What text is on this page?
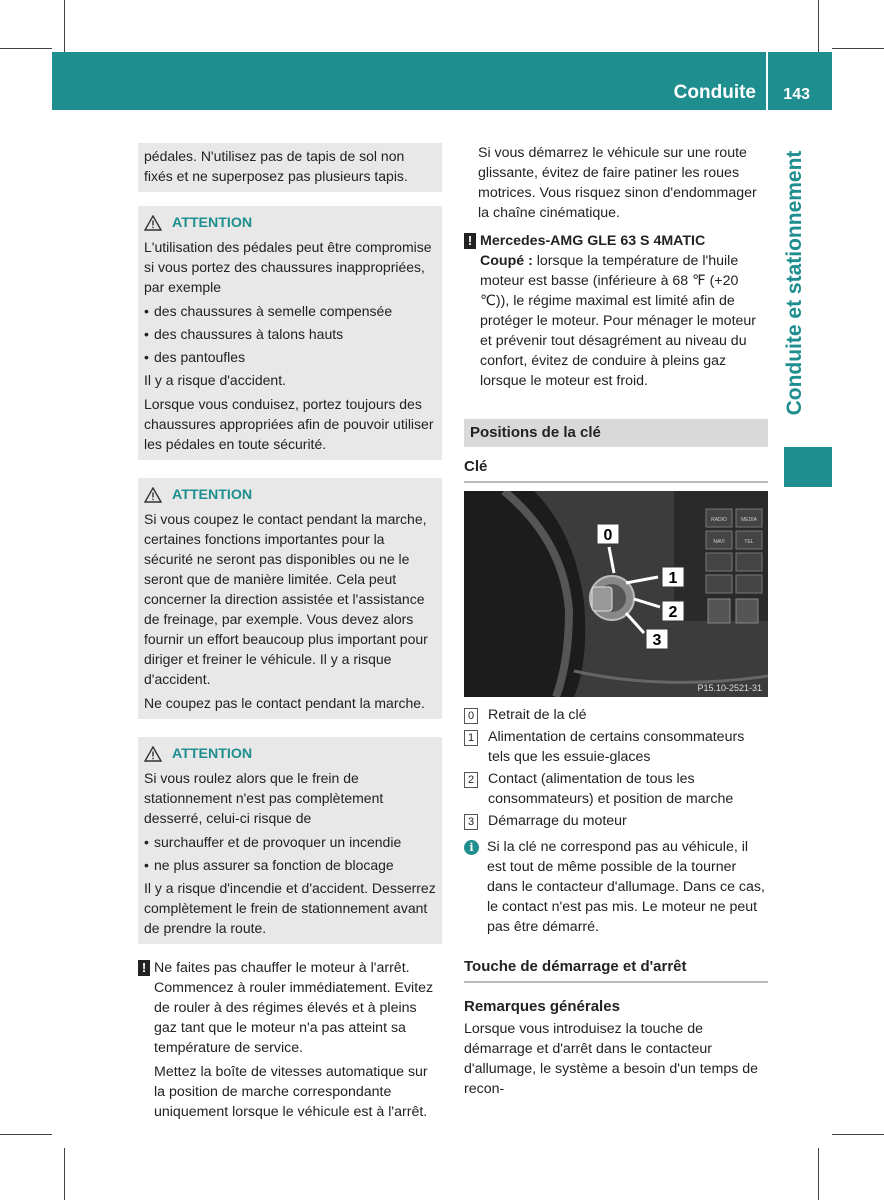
Conduite 143
Conduite et stationnement

pédales. N'utilisez pas de tapis de sol non fixés et ne superposez pas plusieurs tapis.

ATTENTION

L'utilisation des pédales peut être compromise si vous portez des chaussures inappropriées, par exemple

• des chaussures à semelle compensée
• des chaussures à talons hauts
• des pantoufles

Il y a risque d'accident.

Lorsque vous conduisez, portez toujours des chaussures appropriées afin de pouvoir utiliser les pédales en toute sécurité.

ATTENTION

Si vous coupez le contact pendant la marche, certaines fonctions importantes pour la sécurité ne seront pas disponibles ou ne le seront que de manière limitée. Cela peut concerner la direction assistée et l'assistance de freinage, par exemple. Vous devez alors fournir un effort beaucoup plus important pour diriger et freiner le véhicule. Il y a risque d'accident.

Ne coupez pas le contact pendant la marche.

ATTENTION

Si vous roulez alors que le frein de stationnement n'est pas complètement desserré, celui-ci risque de

• surchauffer et de provoquer un incendie
• ne plus assurer sa fonction de blocage

Il y a risque d'incendie et d'accident. Desserrez complètement le frein de stationnement avant de prendre la route.

! Ne faites pas chauffer le moteur à l'arrêt. Commencez à rouler immédiatement. Evitez de rouler à des régimes élevés et à pleins gaz tant que le moteur n'a pas atteint sa température de service.

Mettez la boîte de vitesses automatique sur la position de marche correspondante uniquement lorsque le véhicule est à l'arrêt.

Si vous démarrez le véhicule sur une route glissante, évitez de faire patiner les roues motrices. Vous risquez sinon d'endommager la chaîne cinématique.

! Mercedes-AMG GLE 63 S 4MATIC

Coupé : lorsque la température de l'huile moteur est basse (inférieure à 68 ℉ (+20 ℃)), le régime maximal est limité afin de protéger le moteur. Pour ménager le moteur et prévenir tout désagrément au niveau du confort, évitez de conduire à pleins gaz lorsque le moteur est froid.

Positions de la clé
Clé
RADIO	MEDIA
NAVI	TEL
0
1
2
3
P15.10-2521-31
0 Retrait de la clé
1 Alimentation de certains consommateurs tels que les essuie-glaces
2 Contact (alimentation de tous les consommateurs) et position de marche
3 Démarrage du moteur
i Si la clé ne correspond pas au véhicule, il est tout de même possible de la tourner dans le contacteur d'allumage. Dans ce cas, le contact n'est pas mis. Le moteur ne peut pas être démarré.
Touche de démarrage et d'arrêt
Remarques générales

Lorsque vous introduisez la touche de démarrage et d'arrêt dans le contacteur d'allumage, le système a besoin d'un temps de recon-
